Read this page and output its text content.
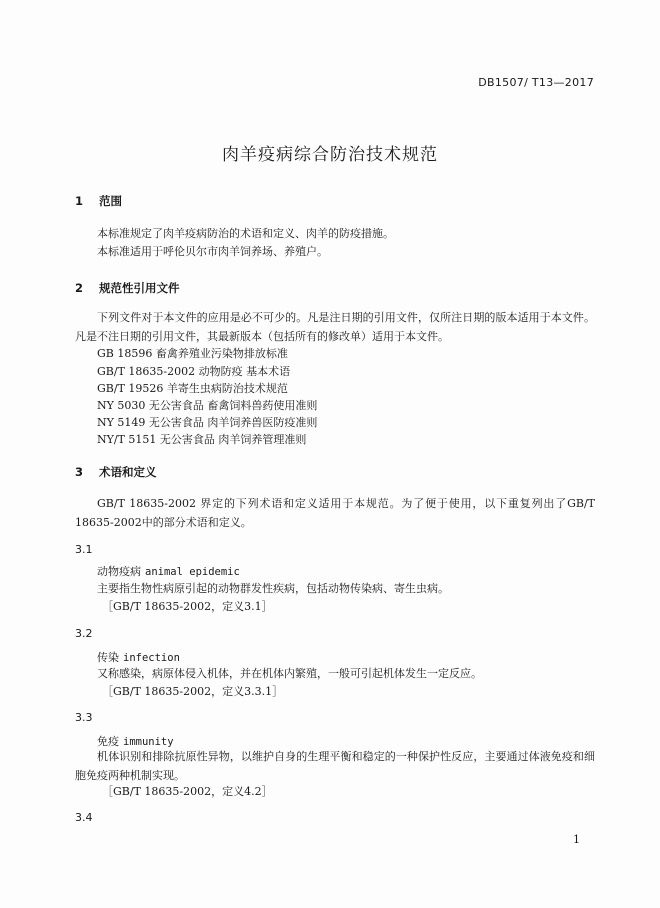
DB1507/ T13—2017
肉羊疫病综合防治技术规范
1 范围
本标准规定了肉羊疫病防治的术语和定义、肉羊的防疫措施。
本标准适用于呼伦贝尔市肉羊饲养场、养殖户。
2 规范性引用文件
下列文件对于本文件的应用是必不可少的。凡是注日期的引用文件，仅所注日期的版本适用于本文件。凡是不注日期的引用文件，其最新版本（包括所有的修改单）适用于本文件。
GB 18596 畜禽养殖业污染物排放标准
GB/T 18635-2002 动物防疫 基本术语
GB/T 19526 羊寄生虫病防治技术规范
NY 5030 无公害食品 畜禽饲料兽药使用准则
NY 5149 无公害食品 肉羊饲养兽医防疫准则
NY/T 5151 无公害食品 肉羊饲养管理准则
3 术语和定义
GB/T 18635-2002 界定的下列术语和定义适用于本规范。为了便于使用，以下重复列出了GB/T 18635-2002中的部分术语和定义。
3.1
动物疫病 animal epidemic
主要指生物性病原引起的动物群发性疾病，包括动物传染病、寄生虫病。
［GB/T 18635-2002，定义3.1］
3.2
传染 infection
又称感染，病原体侵入机体，并在机体内繁殖，一般可引起机体发生一定反应。
［GB/T 18635-2002，定义3.3.1］
3.3
免疫 immunity
机体识别和排除抗原性异物，以维护自身的生理平衡和稳定的一种保护性反应，主要通过体液免疫和细胞免疫两种机制实现。
［GB/T 18635-2002，定义4.2］
3.4
1
